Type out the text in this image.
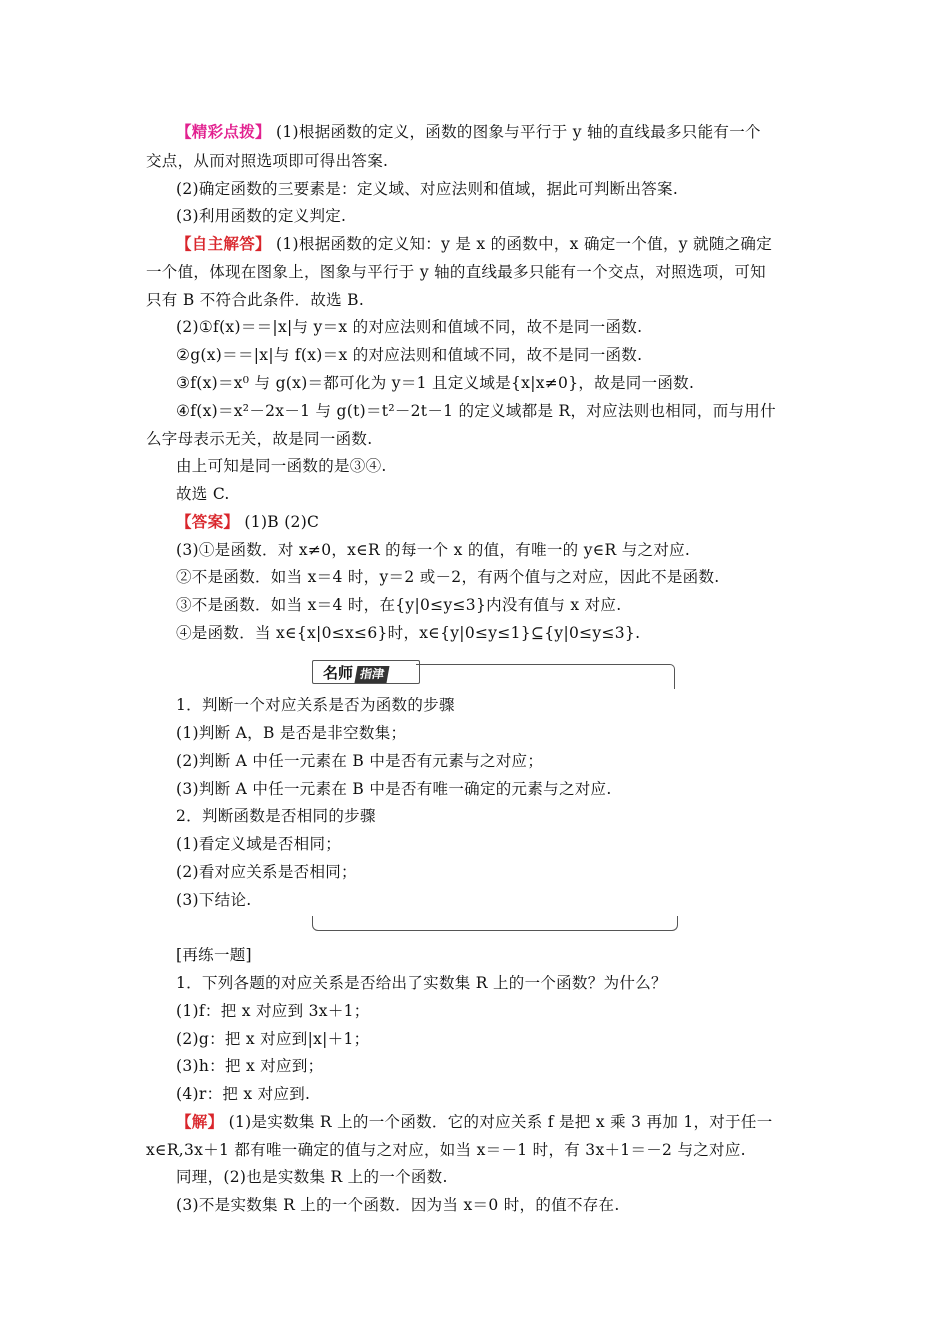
【精彩点拨】 (1)根据函数的定义，函数的图象与平行于 y 轴的直线最多只能有一个
交点，从而对照选项即可得出答案.
(2)确定函数的三要素是：定义域、对应法则和值域，据此可判断出答案.
(3)利用函数的定义判定.
【自主解答】 (1)根据函数的定义知：y 是 x 的函数中，x 确定一个值，y 就随之确定
一个值，体现在图象上，图象与平行于 y 轴的直线最多只能有一个交点，对照选项，可知
只有 B 不符合此条件．故选 B.
(2)①f(x)＝＝|x|与 y＝x 的对应法则和值域不同，故不是同一函数.
②g(x)＝＝|x|与 f(x)＝x 的对应法则和值域不同，故不是同一函数.
③f(x)＝x⁰ 与 g(x)＝都可化为 y＝1 且定义域是{x|x≠0}，故是同一函数.
④f(x)＝x²－2x－1 与 g(t)＝t²－2t－1 的定义域都是 R，对应法则也相同，而与用什
么字母表示无关，故是同一函数.
由上可知是同一函数的是③④.
故选 C.
【答案】 (1)B (2)C
(3)①是函数．对 x≠0，x∈R 的每一个 x 的值，有唯一的 y∈R 与之对应.
②不是函数．如当 x＝4 时，y＝2 或－2，有两个值与之对应，因此不是函数.
③不是函数．如当 x＝4 时，在{y|0≤y≤3}内没有值与 x 对应.
④是函数．当 x∈{x|0≤x≤6}时，x∈{y|0≤y≤1}⊆{y|0≤y≤3}.
名师 指津
1．判断一个对应关系是否为函数的步骤
(1)判断 A，B 是否是非空数集；
(2)判断 A 中任一元素在 B 中是否有元素与之对应；
(3)判断 A 中任一元素在 B 中是否有唯一确定的元素与之对应.
2．判断函数是否相同的步骤
(1)看定义域是否相同；
(2)看对应关系是否相同；
(3)下结论.
[再练一题]
1．下列各题的对应关系是否给出了实数集 R 上的一个函数？为什么？
(1)f：把 x 对应到 3x＋1；
(2)g：把 x 对应到|x|＋1；
(3)h：把 x 对应到；
(4)r：把 x 对应到.
【解】 (1)是实数集 R 上的一个函数．它的对应关系 f 是把 x 乘 3 再加 1，对于任一
x∈R,3x＋1 都有唯一确定的值与之对应，如当 x＝－1 时，有 3x＋1＝－2 与之对应.
同理，(2)也是实数集 R 上的一个函数.
(3)不是实数集 R 上的一个函数．因为当 x＝0 时，的值不存在.
